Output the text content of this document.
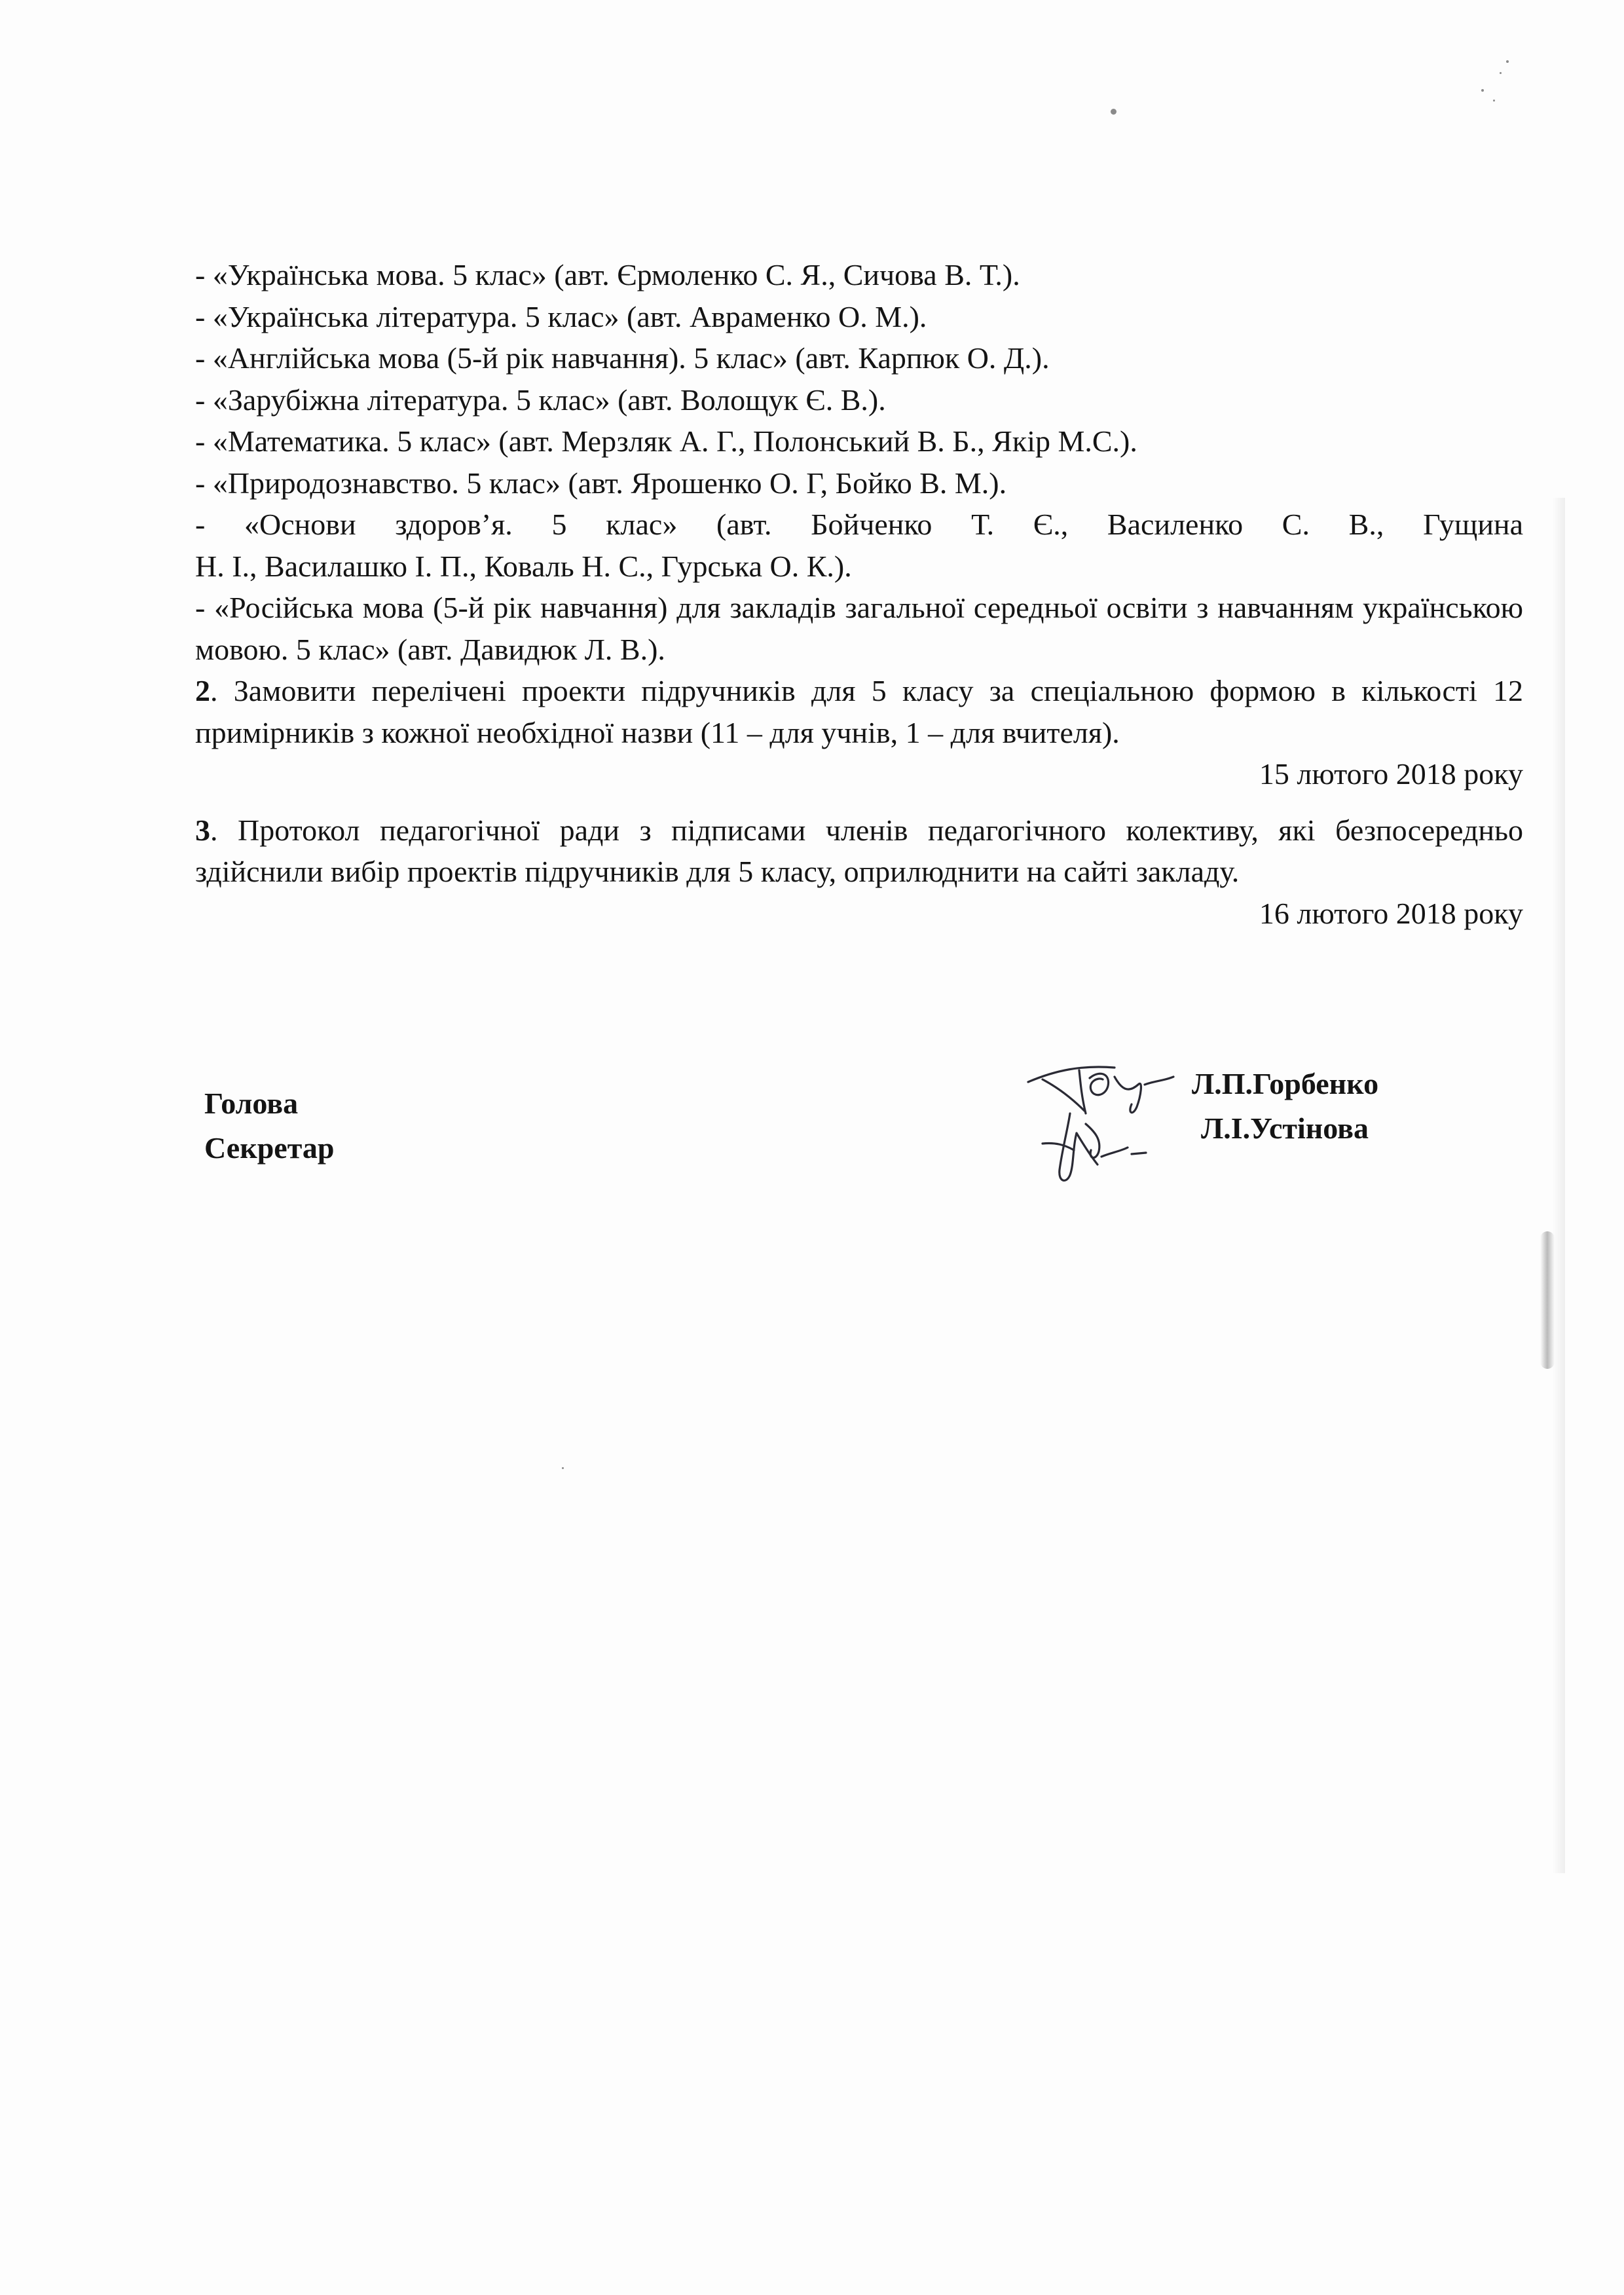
- «Українська мова. 5 клас» (авт. Єрмоленко С. Я., Сичова В. Т.).

- «Українська література. 5 клас» (авт. Авраменко О. М.).

- «Англійська мова (5-й рік навчання). 5 клас» (авт. Карпюк О. Д.).

- «Зарубіжна література. 5 клас» (авт. Волощук Є. В.).

- «Математика. 5 клас» (авт. Мерзляк А. Г., Полонський В. Б., Якір М.С.).

- «Природознавство. 5 клас» (авт. Ярошенко О. Г, Бойко В. М.).

- «Основи здоров’я. 5 клас» (авт. Бойченко Т. Є., Василенко С. В., Гущина

Н. І., Василашко І. П., Коваль Н. С., Гурська О. К.).

- «Російська мова (5-й рік навчання) для закладів загальної середньої освіти з навчанням українською мовою. 5 клас» (авт. Давидюк Л. В.).

2. Замовити перелічені проекти підручників для 5 класу за спеціальною формою в кількості 12 примірників з кожної необхідної назви (11 – для учнів, 1 – для вчителя).

15 лютого 2018 року

3. Протокол педагогічної ради з підписами членів педагогічного колективу, які безпосередньо здійснили вибір проектів підручників для 5 класу, оприлюднити на сайті закладу.

16 лютого 2018 року

Голова
Секретар
Л.П.Горбенко
Л.І.Устінова
